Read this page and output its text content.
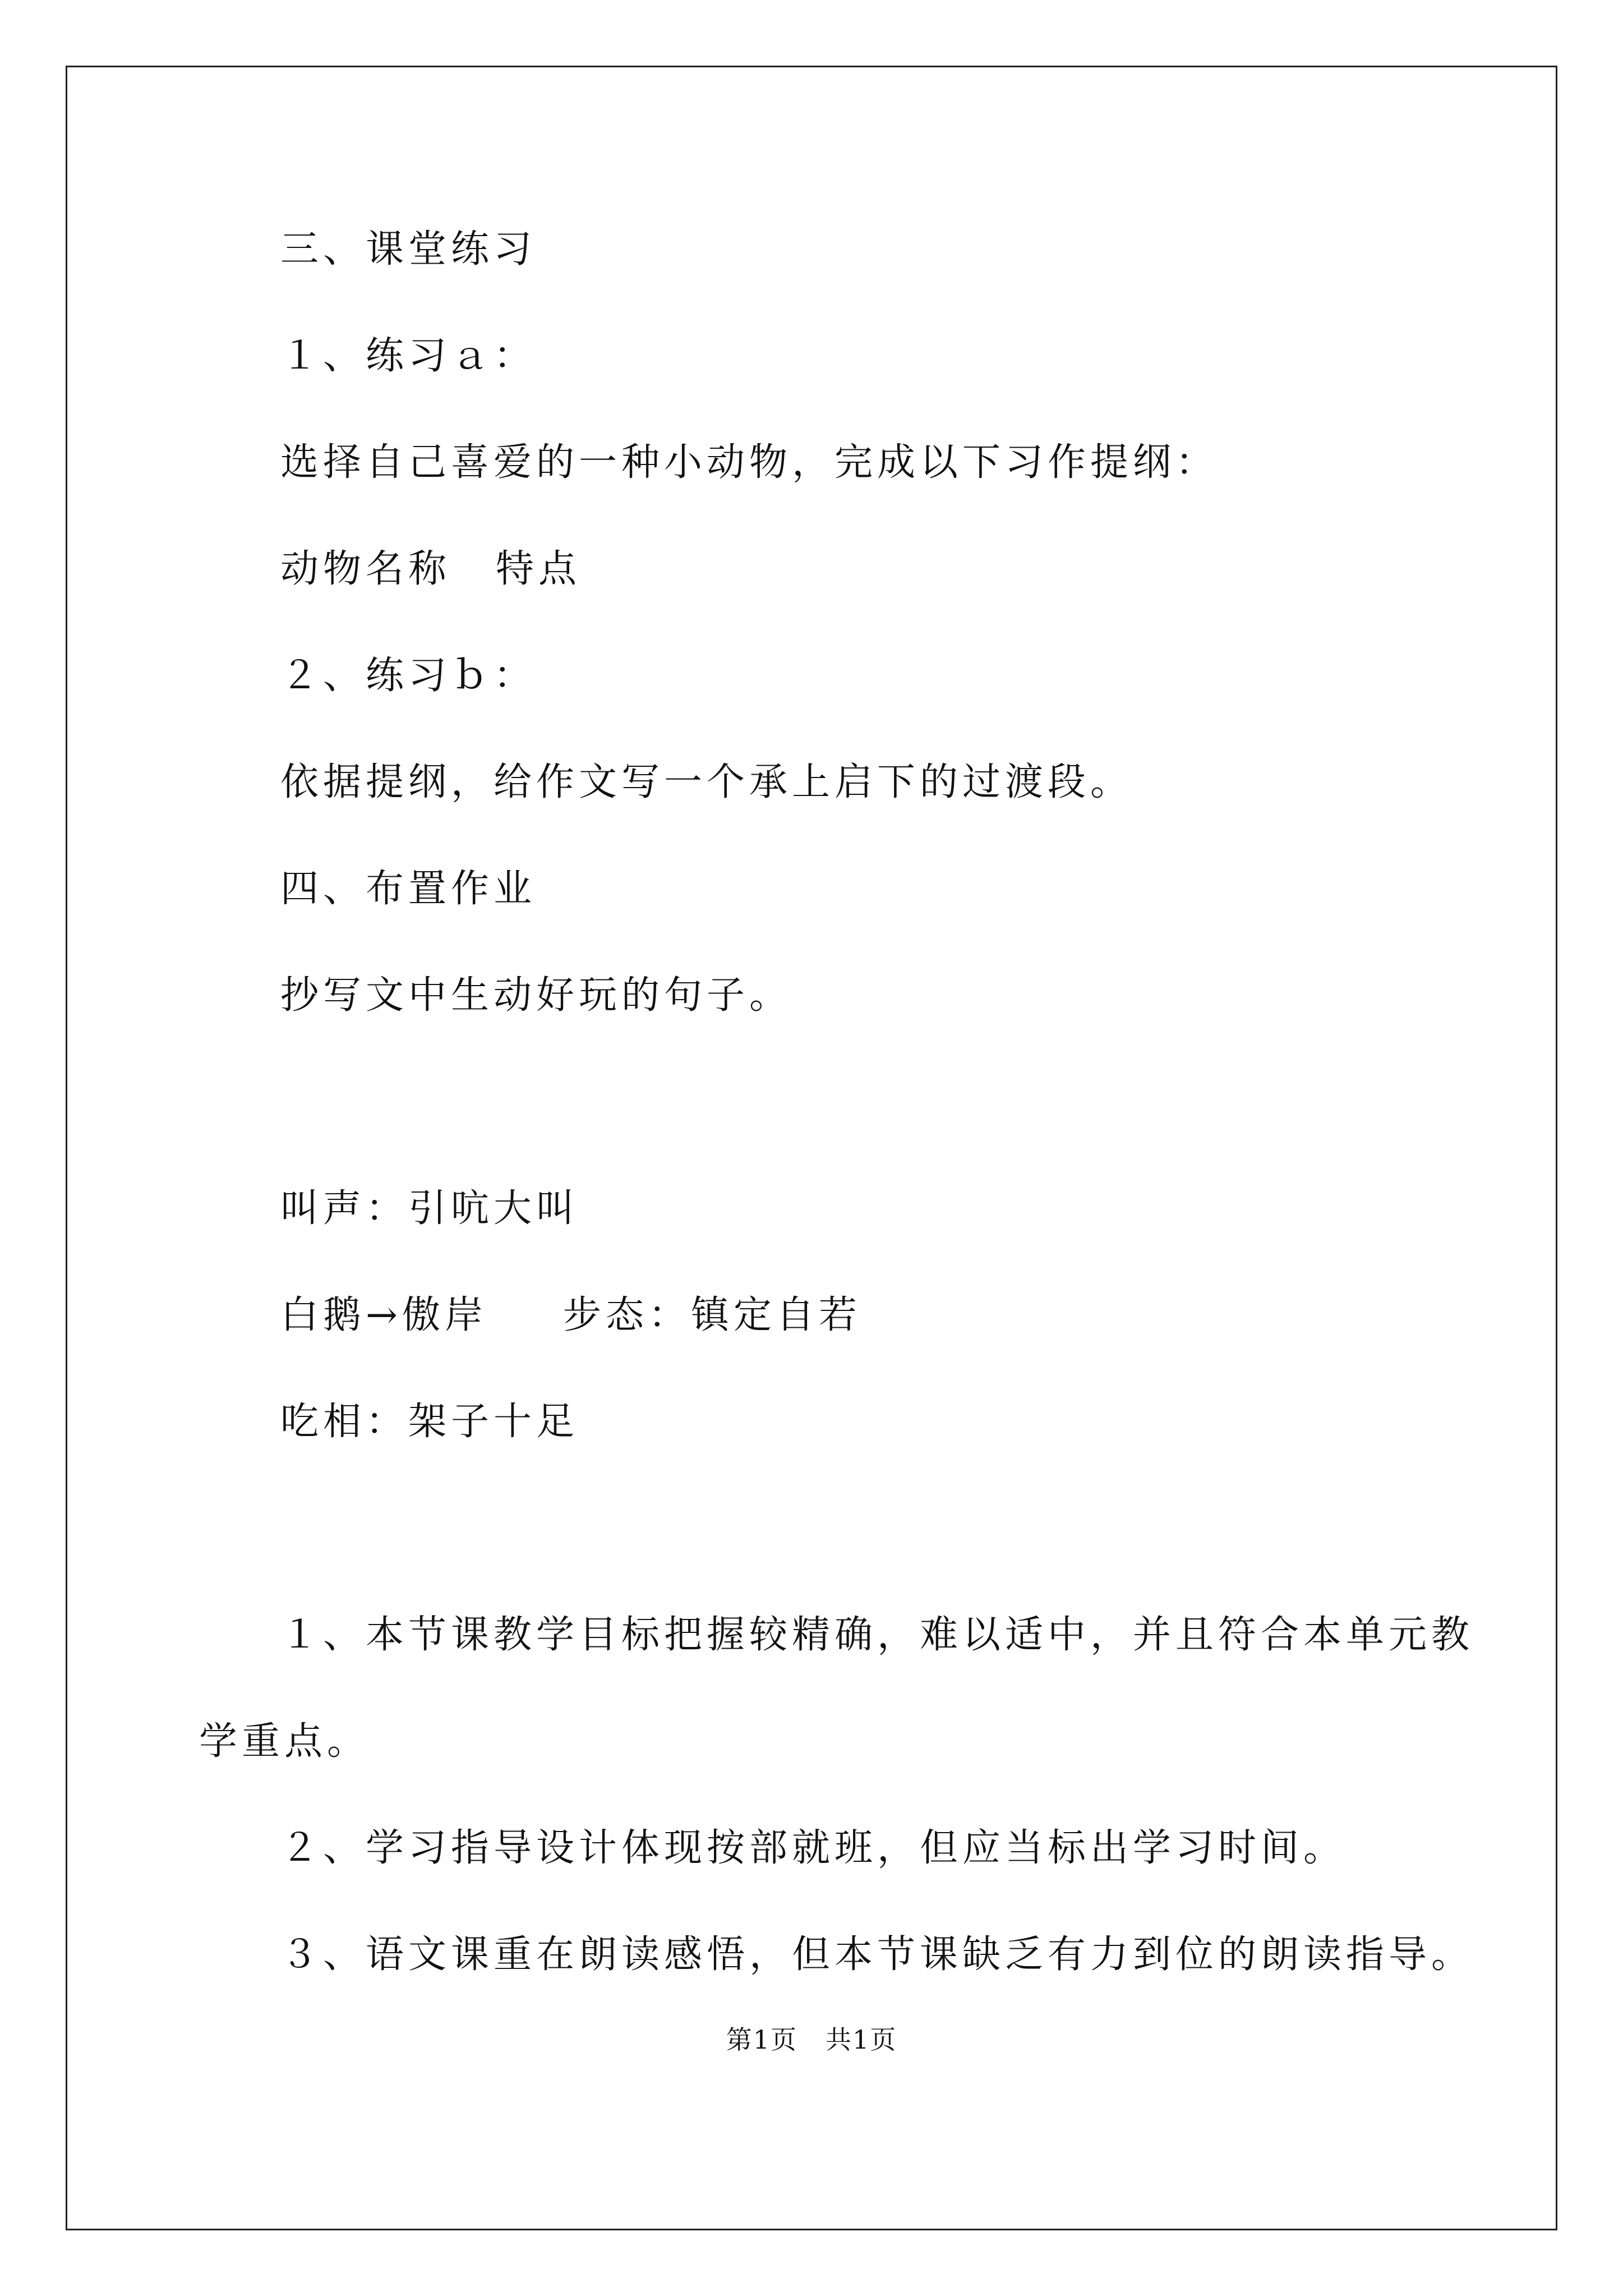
三、课堂练习
１、练习ａ：
选择自己喜爱的一种小动物，完成以下习作提纲：
动物名称 特点
２、练习ｂ：
依据提纲，给作文写一个承上启下的过渡段。
四、布置作业
抄写文中生动好玩的句子。
叫声：引吭大叫
白鹅→傲岸 步态：镇定自若
吃相：架子十足
１、本节课教学目标把握较精确，难以适中，并且符合本单元教
学重点。
２、学习指导设计体现按部就班，但应当标出学习时间。
３、语文课重在朗读感悟，但本节课缺乏有力到位的朗读指导。
第1页 共1页
